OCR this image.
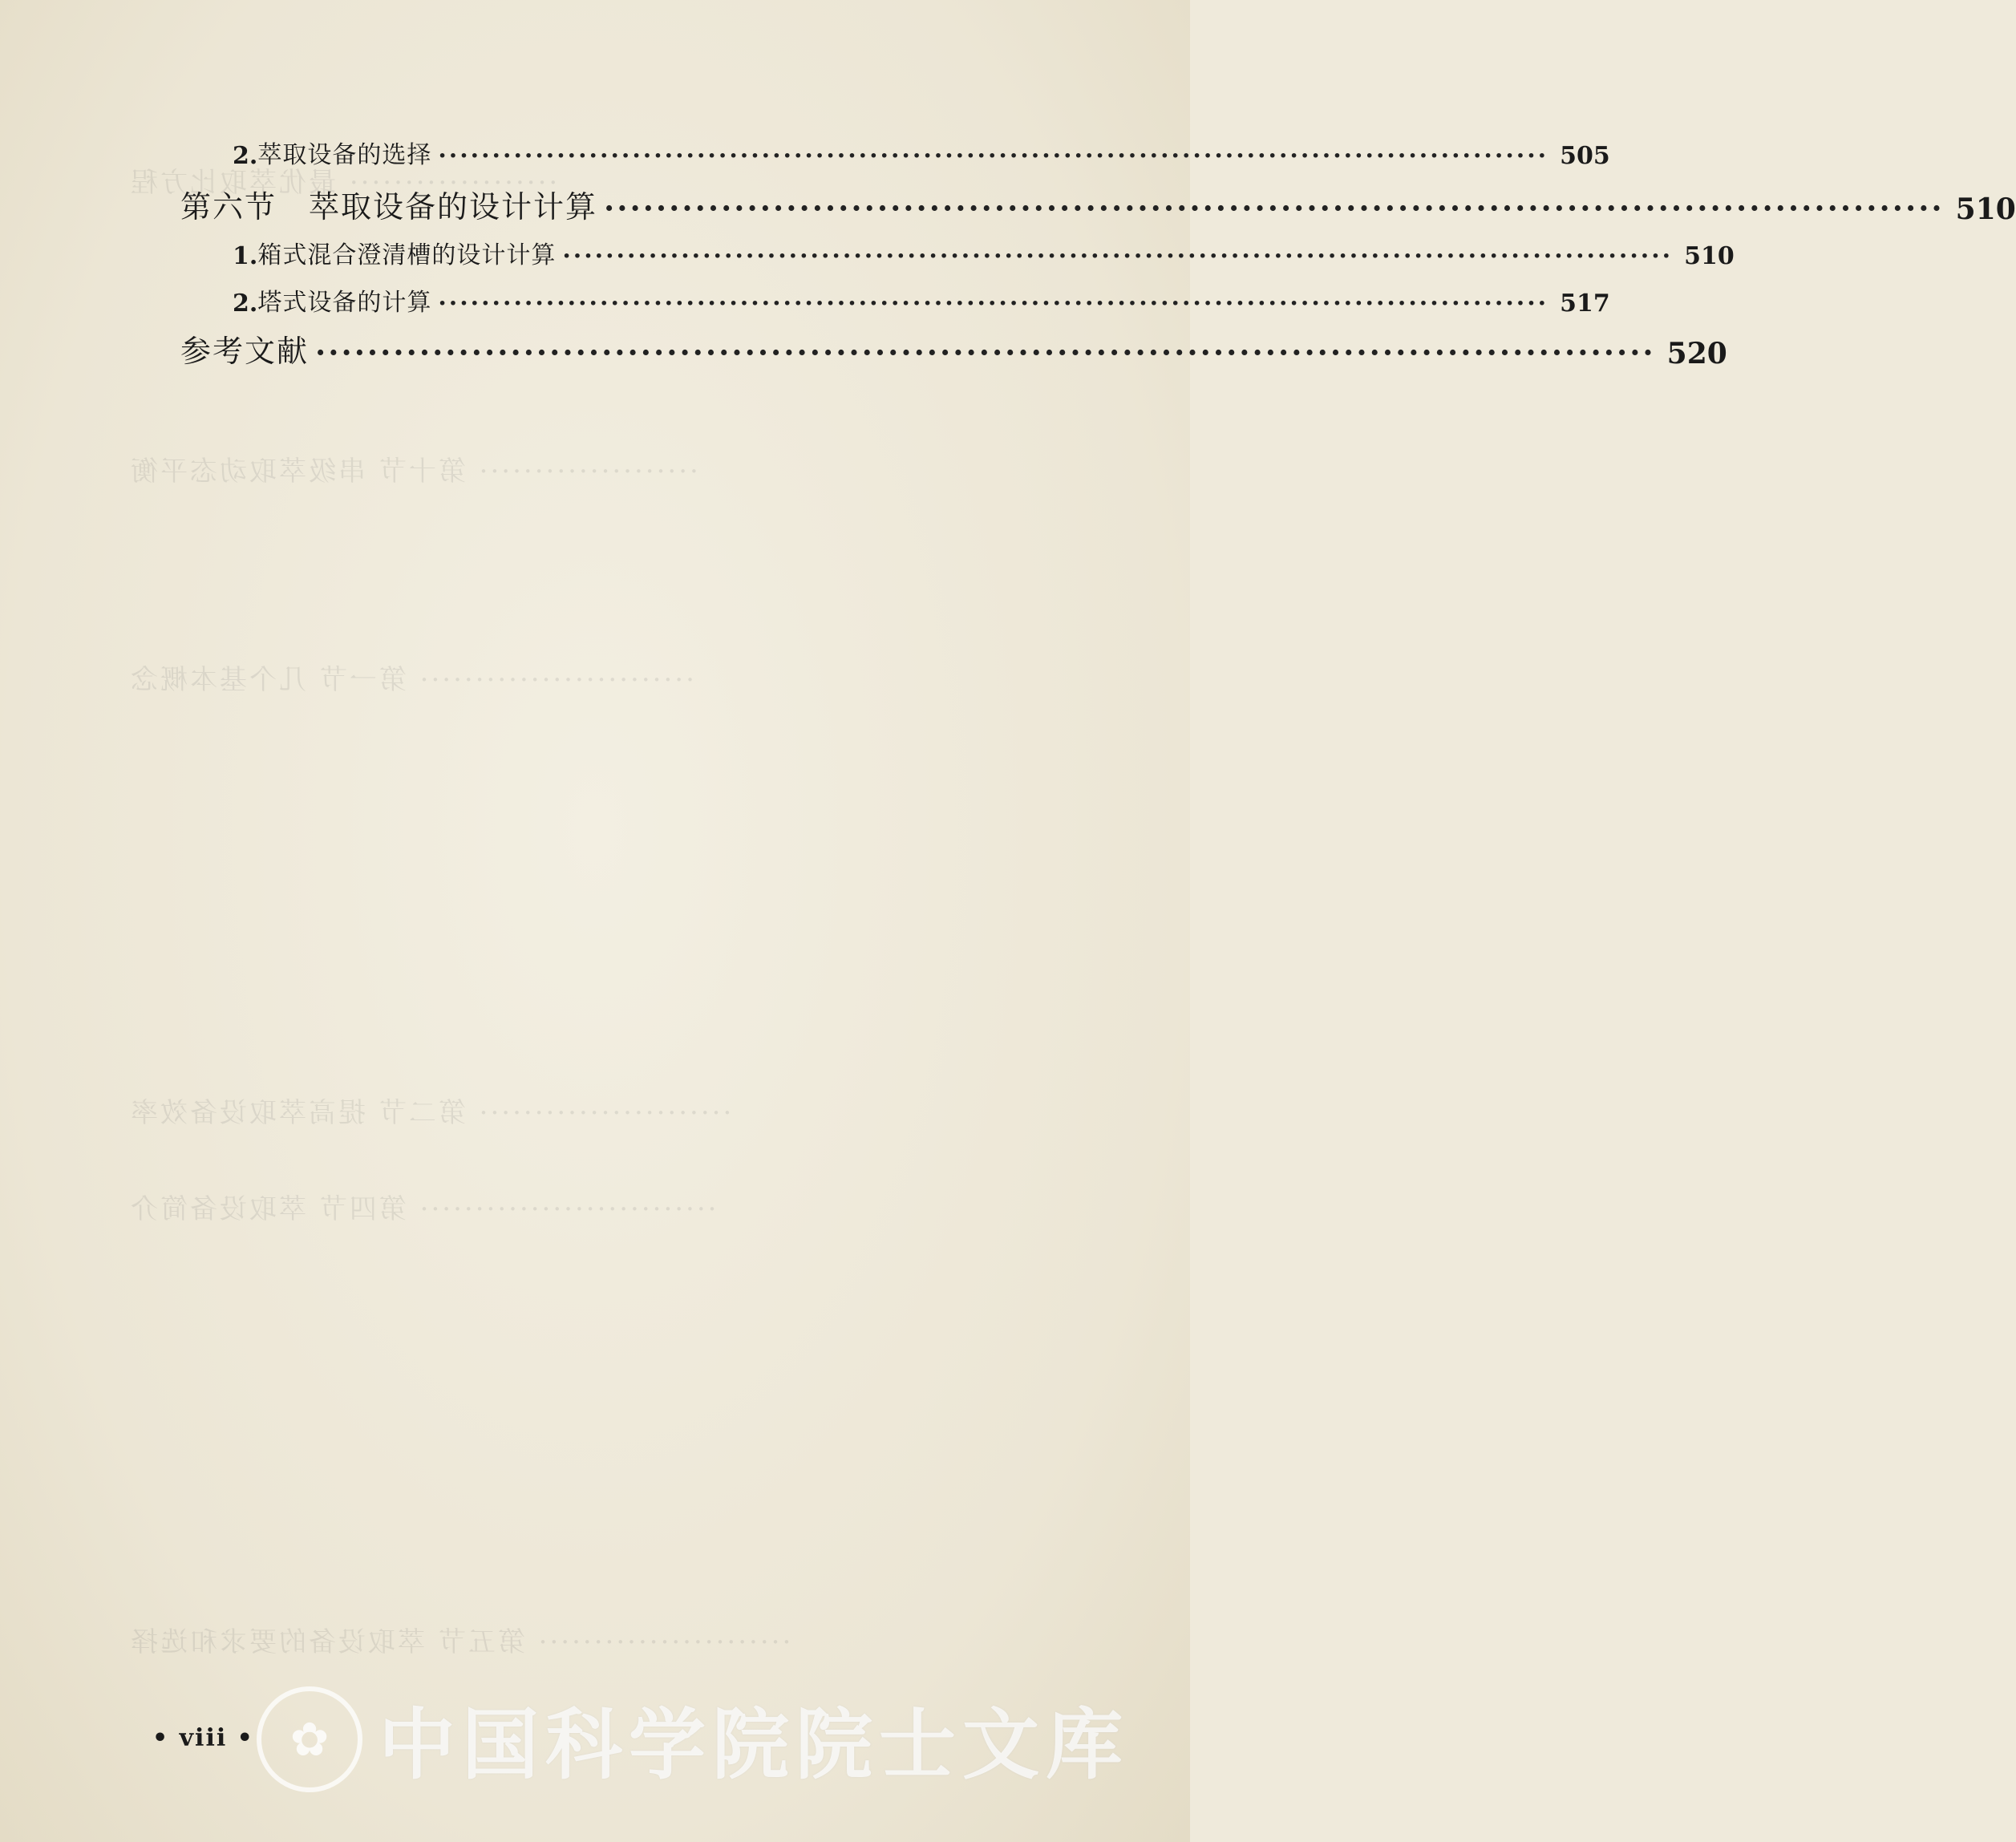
··················· 最优萃取比方程
···················· 第十节 串级萃取动态平衡
························· 第一节 几个基本概念
······················· 第二节 提高萃取设备效率
··························· 第四节 萃取设备简介
······················· 第五节 萃取设备的要求和选择
2. 萃取设备的选择 ······································································································· 505
第六节　萃取设备的设计计算 ······································································································· 510
1. 箱式混合澄清槽的设计计算 ······································································································· 510
2. 塔式设备的计算 ······································································································· 517
参考文献 ······································································································· 520
• viii • ✿ 中国科学院院士文库
